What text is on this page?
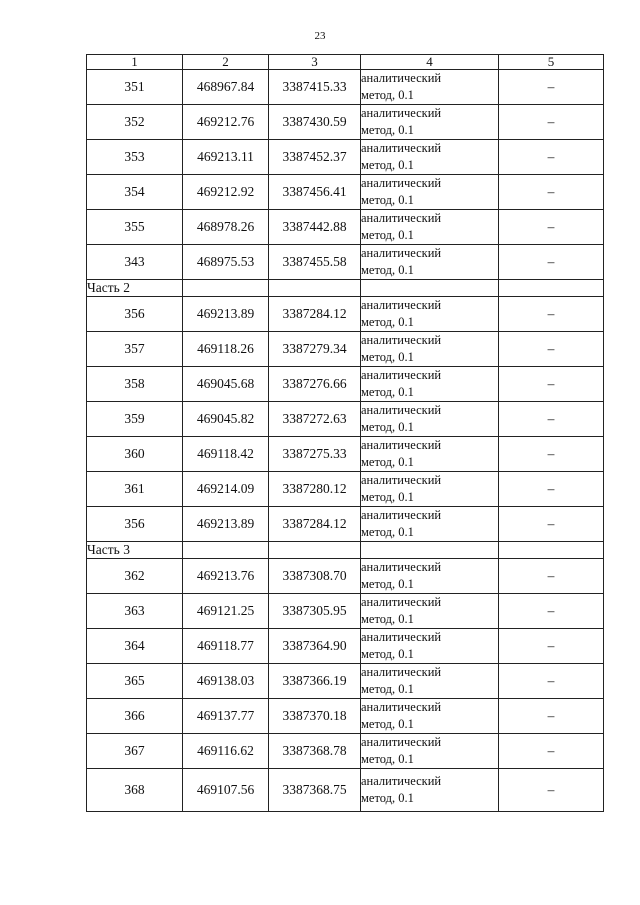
23
1	2	3	4	5
351	468967.84	3387415.33	аналитический
метод, 0.1	–
352	469212.76	3387430.59	аналитический
метод, 0.1	–
353	469213.11	3387452.37	аналитический
метод, 0.1	–
354	469212.92	3387456.41	аналитический
метод, 0.1	–
355	468978.26	3387442.88	аналитический
метод, 0.1	–
343	468975.53	3387455.58	аналитический
метод, 0.1	–
Часть 2				
356	469213.89	3387284.12	аналитический
метод, 0.1	–
357	469118.26	3387279.34	аналитический
метод, 0.1	–
358	469045.68	3387276.66	аналитический
метод, 0.1	–
359	469045.82	3387272.63	аналитический
метод, 0.1	–
360	469118.42	3387275.33	аналитический
метод, 0.1	–
361	469214.09	3387280.12	аналитический
метод, 0.1	–
356	469213.89	3387284.12	аналитический
метод, 0.1	–
Часть 3				
362	469213.76	3387308.70	аналитический
метод, 0.1	–
363	469121.25	3387305.95	аналитический
метод, 0.1	–
364	469118.77	3387364.90	аналитический
метод, 0.1	–
365	469138.03	3387366.19	аналитический
метод, 0.1	–
366	469137.77	3387370.18	аналитический
метод, 0.1	–
367	469116.62	3387368.78	аналитический
метод, 0.1	–
368	469107.56	3387368.75	аналитический
метод, 0.1	–
